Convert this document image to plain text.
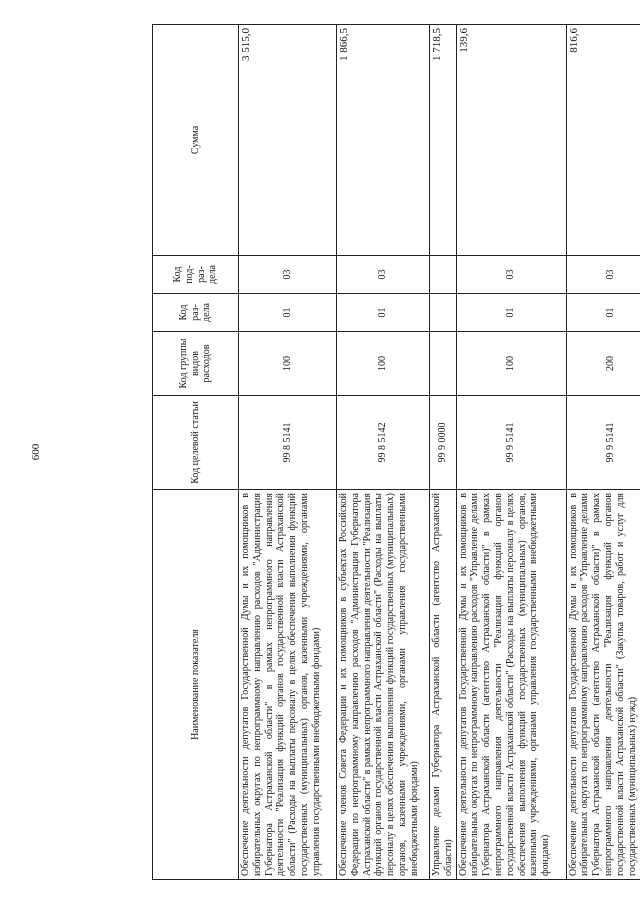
600
Наименование показателя	Код целевой статьи	Код группы видов расходов	Код раз-дела	Код под-раз-дела	Сумма
Обеспечение деятельности депутатов Государственной Думы и их помощников в избирательных округах по непрограммному направлению расходов "Администрация Губернатора Астраханской области" в рамках непрограммного направления деятельности "Реализация функций органов государственной власти Астраханской области" (Расходы на выплаты персоналу в целях обеспечения выполнения функций государственных (муниципальных) органов, казенными учреждениями, органами управления государственными внебюджетными фондами)	99 8 5141	100	01	03	3 515,0
Обеспечение членов Совета Федерации и их помощников в субъектах Российской Федерации по непрограммному направлению расходов "Администрация Губернатора Астраханской области" в рамках непрограммного направления деятельности "Реализация функций органов государственной власти Астраханской области" (Расходы на выплаты персоналу в целях обеспечения выполнения функций государственных (муниципальных) органов, казенными учреждениями, органами управления государственными внебюджетными фондами)	99 8 5142	100	01	03	1 866,5
Управление делами Губернатора Астраханской области (агентство Астраханской области)	99 9 0000				1 718,5
Обеспечение деятельности депутатов Государственной Думы и их помощников в избирательных округах по непрограммному направлению расходов "Управление делами Губернатора Астраханской области (агентство Астраханской области)" в рамках непрограммного направления деятельности "Реализация функций органов государственной власти Астраханской области" (Расходы на выплаты персоналу в целях обеспечения выполнения функций государственных (муниципальных) органов, казенными учреждениями, органами управления государственными внебюджетными фондами)	99 9 5141	100	01	03	139,6
Обеспечение деятельности депутатов Государственной Думы и их помощников в избирательных округах по непрограммному направлению расходов "Управление делами Губернатора Астраханской области (агентство Астраханской области)" в рамках непрограммного направления деятельности "Реализация функций органов государственной власти Астраханской области" (Закупка товаров, работ и услуг для государственных (муниципальных) нужд)	99 9 5141	200	01	03	816,6
